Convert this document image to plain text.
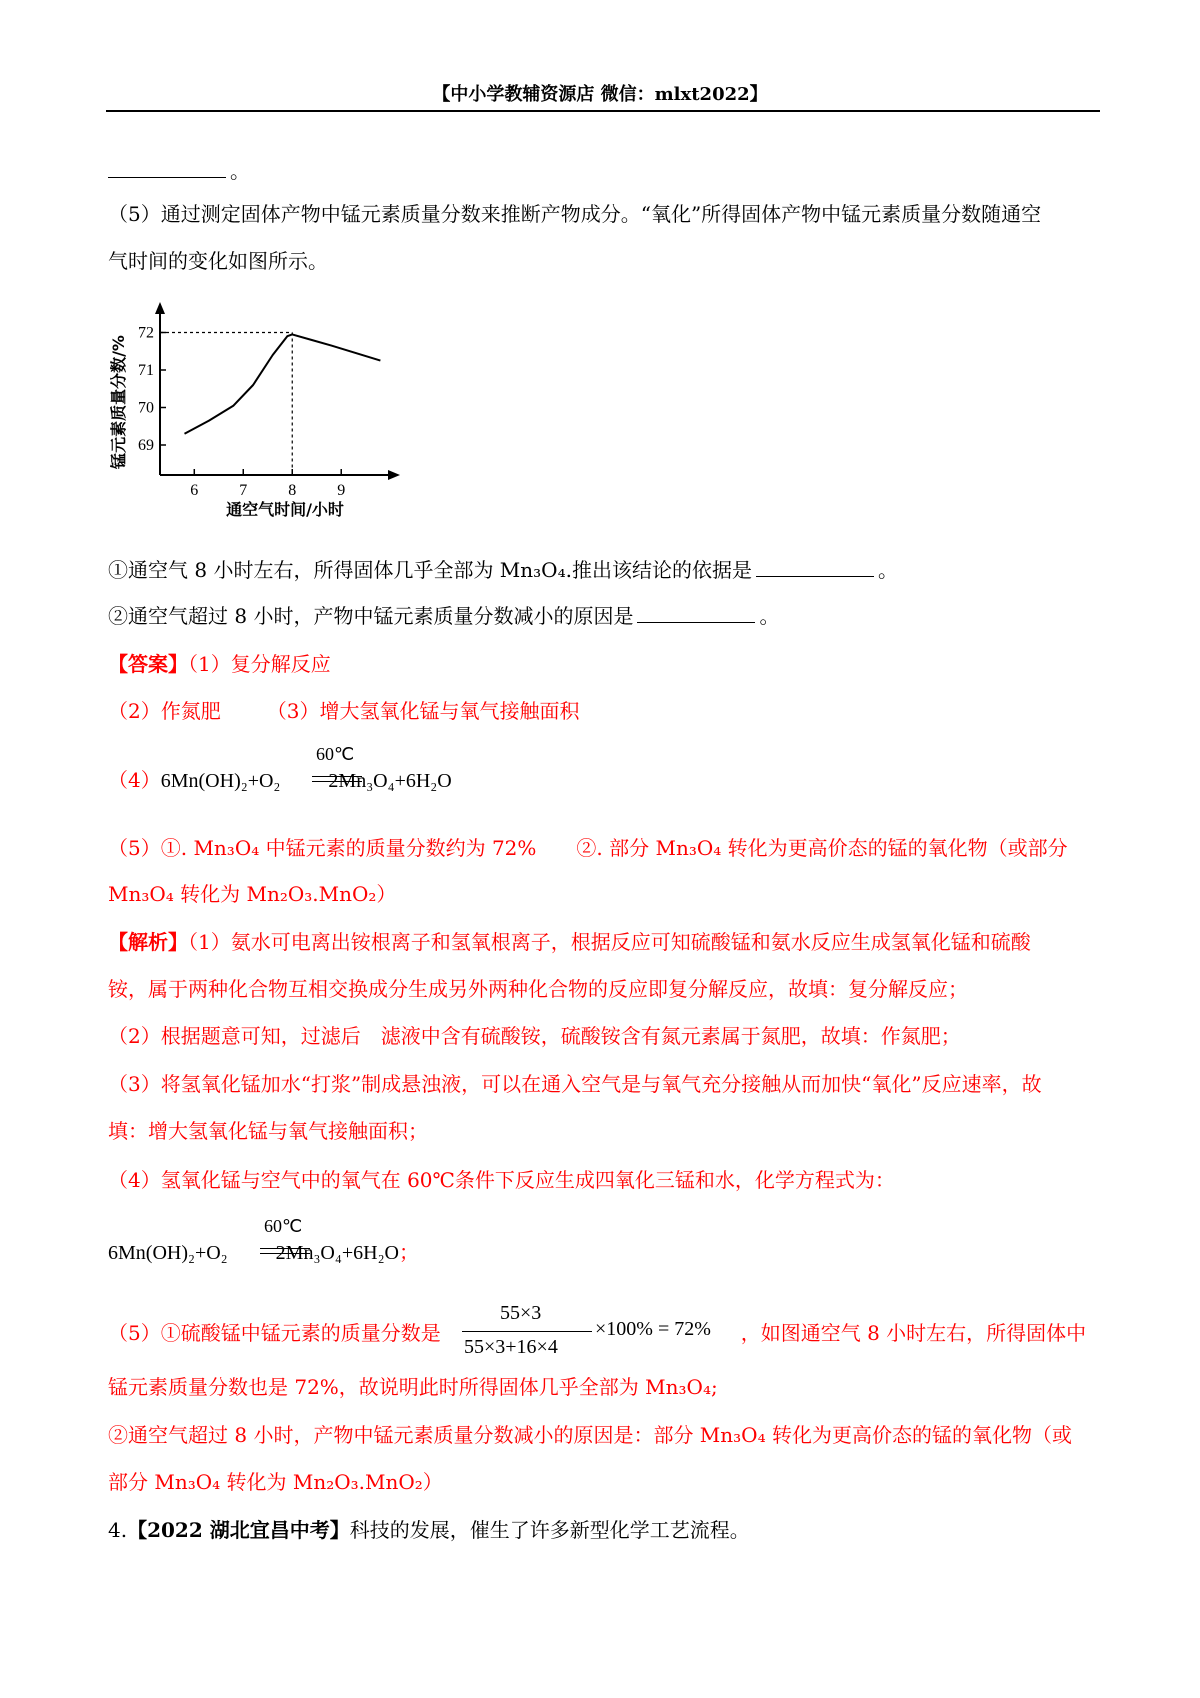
【中小学教辅资源店 微信：mlxt2022】
。
（5）通过测定固体产物中锰元素质量分数来推断产物成分。“氧化”所得固体产物中锰元素质量分数随通空
气时间的变化如图所示。
锰元素质量分数/%
通空气时间/小时
6	7	8	9
69
70
71
72
①通空气 8 小时左右，所得固体几乎全部为 Mn₃O₄.推出该结论的依据是	。
②通空气超过 8 小时，产物中锰元素质量分数减小的原因是	。
【答案】（1）复分解反应
（2）作氮肥 （3）增大氢氧化锰与氧气接触面积
（4）6Mn(OH)₂+O₂ 2Mn₃O₄+6H₂O
60℃
（5）①. Mn₃O₄ 中锰元素的质量分数约为 72%　　②. 部分 Mn₃O₄ 转化为更高价态的锰的氧化物（或部分
Mn₃O₄ 转化为 Mn₂O₃.MnO₂）
【解析】（1）氨水可电离出铵根离子和氢氧根离子，根据反应可知硫酸锰和氨水反应生成氢氧化锰和硫酸
铵，属于两种化合物互相交换成分生成另外两种化合物的反应即复分解反应，故填：复分解反应；
（2）根据题意可知，过滤后　滤液中含有硫酸铵，硫酸铵含有氮元素属于氮肥，故填：作氮肥；
（3）将氢氧化锰加水“打浆”制成悬浊液，可以在通入空气是与氧气充分接触从而加快“氧化”反应速率，故
填：增大氢氧化锰与氧气接触面积；
（4）氢氧化锰与空气中的氧气在 60℃条件下反应生成四氧化三锰和水，化学方程式为：
6Mn(OH)₂+O₂ 2Mn₃O₄+6H₂O；
60℃
（5）①硫酸锰中锰元素的质量分数是	，如图通空气 8 小时左右，所得固体中
55×3
55×3+16×4
×100% = 72%
锰元素质量分数也是 72%，故说明此时所得固体几乎全部为 Mn₃O₄;
②通空气超过 8 小时，产物中锰元素质量分数减小的原因是：部分 Mn₃O₄ 转化为更高价态的锰的氧化物（或
部分 Mn₃O₄ 转化为 Mn₂O₃.MnO₂）
4.【2022 湖北宜昌中考】科技的发展，催生了许多新型化学工艺流程。
